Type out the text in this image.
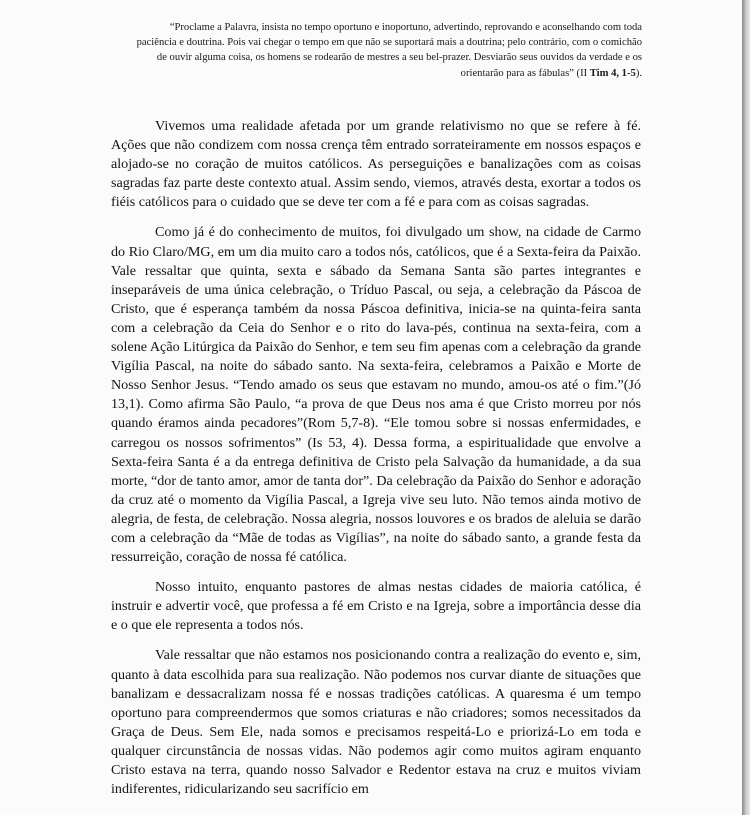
“Proclame a Palavra, insista no tempo oportuno e inoportuno, advertindo, reprovando e aconselhando com toda paciência e doutrina. Pois vai chegar o tempo em que não se suportará mais a doutrina; pelo contrário, com o comichão de ouvir alguma coisa, os homens se rodearão de mestres a seu bel-prazer. Desviarão seus ouvidos da verdade e os orientarão para as fábulas” (II Tim 4, 1-5).

Vivemos uma realidade afetada por um grande relativismo no que se refere à fé. Ações que não condizem com nossa crença têm entrado sorrateiramente em nossos espaços e alojado-se no coração de muitos católicos. As perseguições e banalizações com as coisas sagradas faz parte deste contexto atual. Assim sendo, viemos, através desta, exortar a todos os fiéis católicos para o cuidado que se deve ter com a fé e para com as coisas sagradas.

Como já é do conhecimento de muitos, foi divulgado um show, na cidade de Carmo do Rio Claro/MG, em um dia muito caro a todos nós, católicos, que é a Sexta-feira da Paixão. Vale ressaltar que quinta, sexta e sábado da Semana Santa são partes integrantes e inseparáveis de uma única celebração, o Tríduo Pascal, ou seja, a celebração da Páscoa de Cristo, que é esperança também da nossa Páscoa definitiva, inicia-se na quinta-feira santa com a celebração da Ceia do Senhor e o rito do lava-pés, continua na sexta-feira, com a solene Ação Litúrgica da Paixão do Senhor, e tem seu fim apenas com a celebração da grande Vigília Pascal, na noite do sábado santo. Na sexta-feira, celebramos a Paixão e Morte de Nosso Senhor Jesus. “Tendo amado os seus que estavam no mundo, amou-os até o fim.”(Jó 13,1). Como afirma São Paulo, “a prova de que Deus nos ama é que Cristo morreu por nós quando éramos ainda pecadores”(Rom 5,7-8). “Ele tomou sobre si nossas enfermidades, e carregou os nossos sofrimentos” (Is 53, 4). Dessa forma, a espiritualidade que envolve a Sexta-feira Santa é a da entrega definitiva de Cristo pela Salvação da humanidade, a da sua morte, “dor de tanto amor, amor de tanta dor”. Da celebração da Paixão do Senhor e adoração da cruz até o momento da Vigília Pascal, a Igreja vive seu luto. Não temos ainda motivo de alegria, de festa, de celebração. Nossa alegria, nossos louvores e os brados de aleluia se darão com a celebração da “Mãe de todas as Vigílias”, na noite do sábado santo, a grande festa da ressurreição, coração de nossa fé católica.

Nosso intuito, enquanto pastores de almas nestas cidades de maioria católica, é instruir e advertir você, que professa a fé em Cristo e na Igreja, sobre a importância desse dia e o que ele representa a todos nós.

Vale ressaltar que não estamos nos posicionando contra a realização do evento e, sim, quanto à data escolhida para sua realização. Não podemos nos curvar diante de situações que banalizam e dessacralizam nossa fé e nossas tradições católicas. A quaresma é um tempo oportuno para compreendermos que somos criaturas e não criadores; somos necessitados da Graça de Deus. Sem Ele, nada somos e precisamos respeitá-Lo e priorizá-Lo em toda e qualquer circunstância de nossas vidas. Não podemos agir como muitos agiram enquanto Cristo estava na terra, quando nosso Salvador e Redentor estava na cruz e muitos viviam indiferentes, ridicularizando seu sacrifício em
